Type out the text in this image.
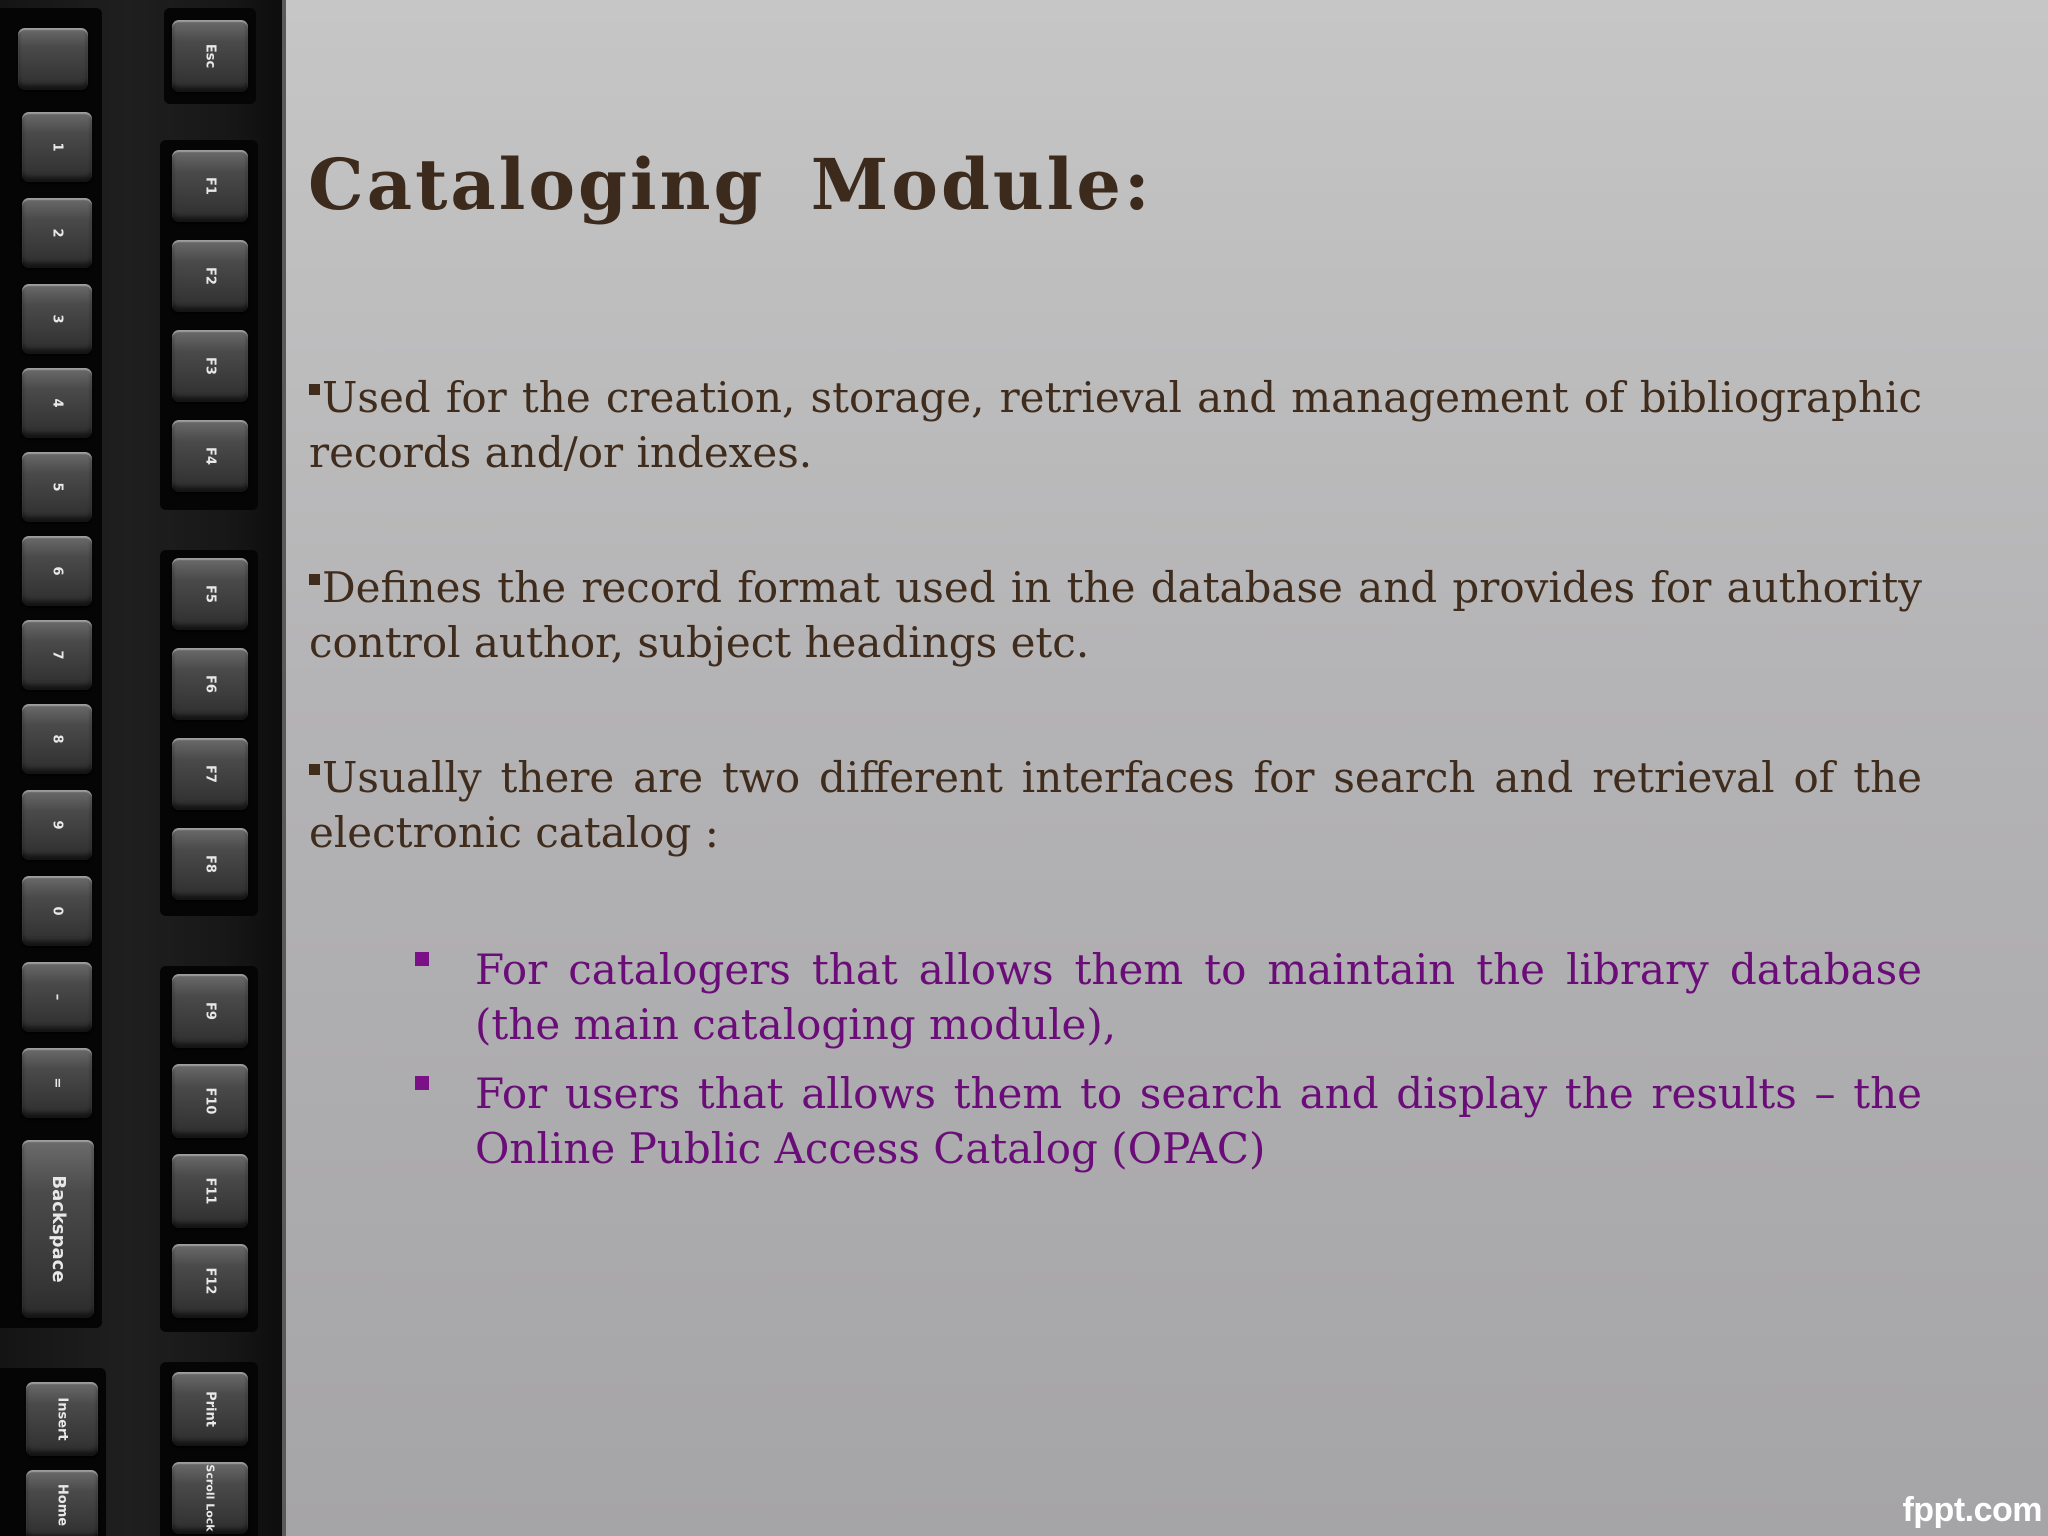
1
2
3
4
5
6
7
8
9
0
–
=
Backspace
Insert
Home
Esc
F1
F2
F3
F4
F5
F6
F7
F8
F9
F10
F11
F12
Print
Scroll Lock
Cataloging Module:

Used for the creation, storage, retrieval and management of bibliographic records and/or indexes.

Defines the record format used in the database and provides for authority control author, subject headings etc.

Usually there are two different interfaces for search and retrieval of the electronic catalog :

For catalogers that allows them to maintain the library database (the main cataloging module),
For users that allows them to search and display the results – the Online Public Access Catalog (OPAC)
fppt.com
